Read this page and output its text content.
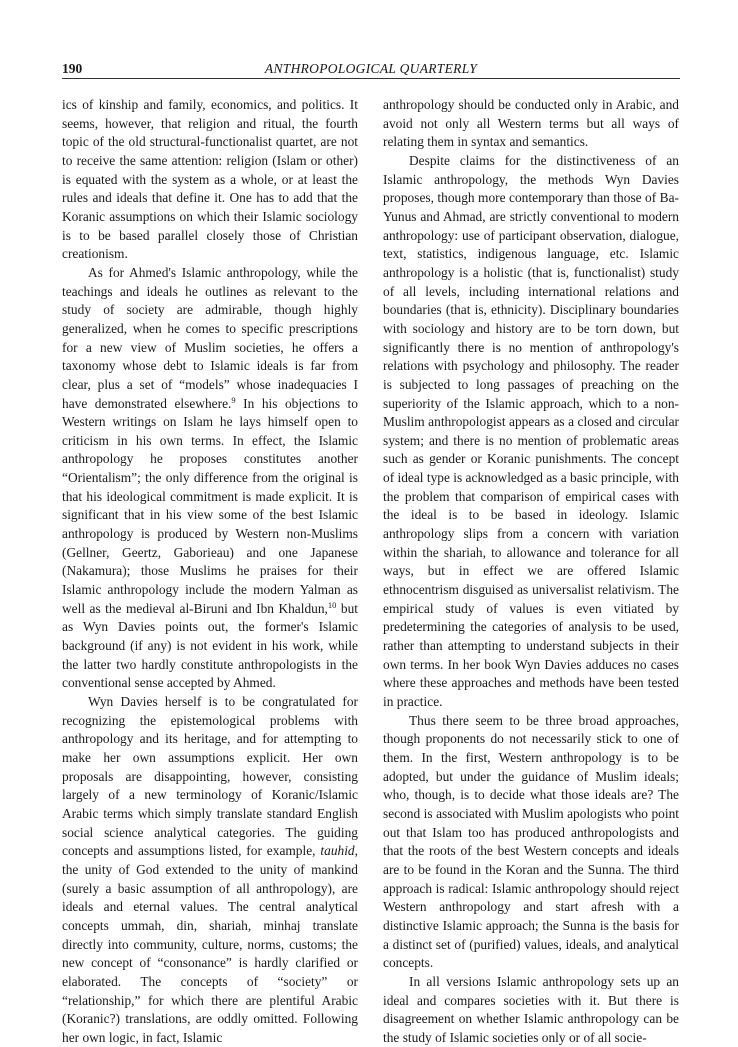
190	ANTHROPOLOGICAL QUARTERLY

ics of kinship and family, economics, and politics. It seems, however, that religion and ritual, the fourth topic of the old structural-functionalist quartet, are not to receive the same attention: religion (Islam or other) is equated with the system as a whole, or at least the rules and ideals that define it. One has to add that the Koranic assumptions on which their Islamic sociology is to be based parallel closely those of Christian creationism.

As for Ahmed's Islamic anthropology, while the teachings and ideals he outlines as relevant to the study of society are admirable, though highly generalized, when he comes to specific prescriptions for a new view of Muslim societies, he offers a taxonomy whose debt to Islamic ideals is far from clear, plus a set of “models” whose inadequacies I have demonstrated elsewhere.$^9$ In his objections to Western writings on Islam he lays himself open to criticism in his own terms. In effect, the Islamic anthropology he proposes constitutes another “Orientalism”; the only difference from the original is that his ideological commitment is made explicit. It is significant that in his view some of the best Islamic anthropology is produced by Western non-Muslims (Gellner, Geertz, Gaborieau) and one Japanese (Nakamura); those Muslims he praises for their Islamic anthropology include the modern Yalman as well as the medieval al-Biruni and Ibn Khaldun,$^{10}$ but as Wyn Davies points out, the former's Islamic background (if any) is not evident in his work, while the latter two hardly constitute anthropologists in the conventional sense accepted by Ahmed.

Wyn Davies herself is to be congratulated for recognizing the epistemological problems with anthropology and its heritage, and for attempting to make her own assumptions explicit. Her own proposals are disappointing, however, consisting largely of a new terminology of Koranic/Islamic Arabic terms which simply translate standard English social science analytical categories. The guiding concepts and assumptions listed, for example, tauhid, the unity of God extended to the unity of mankind (surely a basic assumption of all anthropology), are ideals and eternal values. The central analytical concepts ummah, din, shariah, minhaj translate directly into community, culture, norms, customs; the new concept of “consonance” is hardly clarified or elaborated. The concepts of “society” or “relationship,” for which there are plentiful Arabic (Koranic?) translations, are oddly omitted. Following her own logic, in fact, Islamic

anthropology should be conducted only in Arabic, and avoid not only all Western terms but all ways of relating them in syntax and semantics.

Despite claims for the distinctiveness of an Islamic anthropology, the methods Wyn Davies proposes, though more contemporary than those of Ba-Yunus and Ahmad, are strictly conventional to modern anthropology: use of participant observation, dialogue, text, statistics, indigenous language, etc. Islamic anthropology is a holistic (that is, functionalist) study of all levels, including international relations and boundaries (that is, ethnicity). Disciplinary boundaries with sociology and history are to be torn down, but significantly there is no mention of anthropology's relations with psychology and philosophy. The reader is subjected to long passages of preaching on the superiority of the Islamic approach, which to a non-Muslim anthropologist appears as a closed and circular system; and there is no mention of problematic areas such as gender or Koranic punishments. The concept of ideal type is acknowledged as a basic principle, with the problem that comparison of empirical cases with the ideal is to be based in ideology. Islamic anthropology slips from a concern with variation within the shariah, to allowance and tolerance for all ways, but in effect we are offered Islamic ethnocentrism disguised as universalist relativism. The empirical study of values is even vitiated by predetermining the categories of analysis to be used, rather than attempting to understand subjects in their own terms. In her book Wyn Davies adduces no cases where these approaches and methods have been tested in practice.

Thus there seem to be three broad approaches, though proponents do not necessarily stick to one of them. In the first, Western anthropology is to be adopted, but under the guidance of Muslim ideals; who, though, is to decide what those ideals are? The second is associated with Muslim apologists who point out that Islam too has produced anthropologists and that the roots of the best Western concepts and ideals are to be found in the Koran and the Sunna. The third approach is radical: Islamic anthropology should reject Western anthropology and start afresh with a distinctive Islamic approach; the Sunna is the basis for a distinct set of (purified) values, ideals, and analytical concepts.

In all versions Islamic anthropology sets up an ideal and compares societies with it. But there is disagreement on whether Islamic anthropology can be the study of Islamic societies only or of all socie-
